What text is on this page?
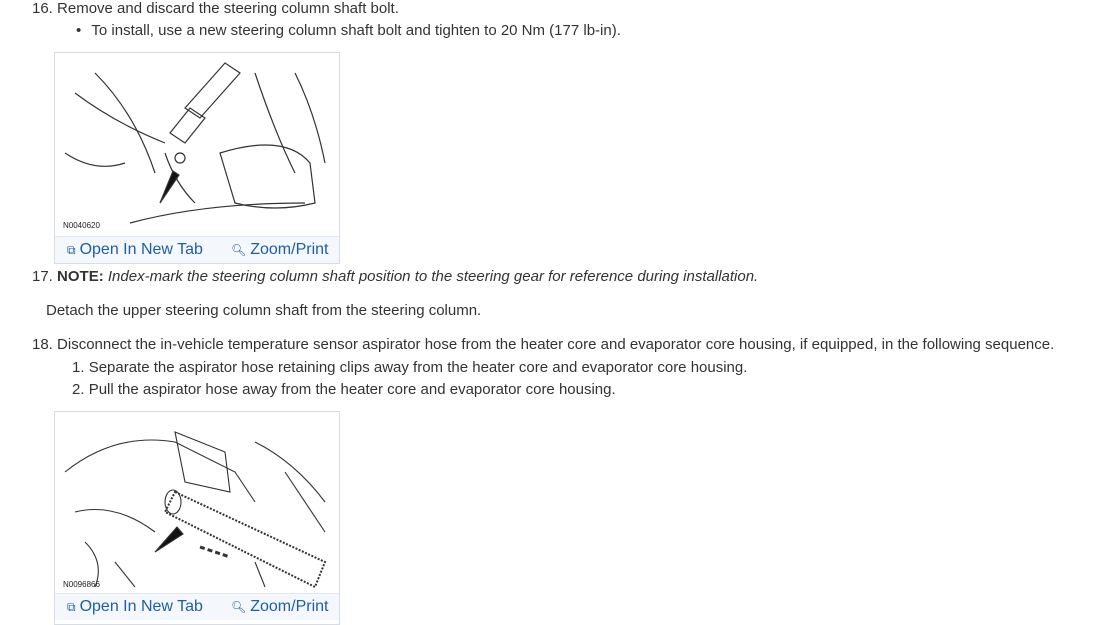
16. Remove and discard the steering column shaft bolt.
• To install, use a new steering column shaft bolt and tighten to 20 Nm (177 lb-in).
N0040620
⧉ Open In New Tab 🔍︎ Zoom/Print
17. NOTE: Index-mark the steering column shaft position to the steering gear for reference during installation.
Detach the upper steering column shaft from the steering column.
18. Disconnect the in-vehicle temperature sensor aspirator hose from the heater core and evaporator core housing, if equipped, in the following sequence.
1. Separate the aspirator hose retaining clips away from the heater core and evaporator core housing.
2. Pull the aspirator hose away from the heater core and evaporator core housing.
N0096866
⧉ Open In New Tab 🔍︎ Zoom/Print
